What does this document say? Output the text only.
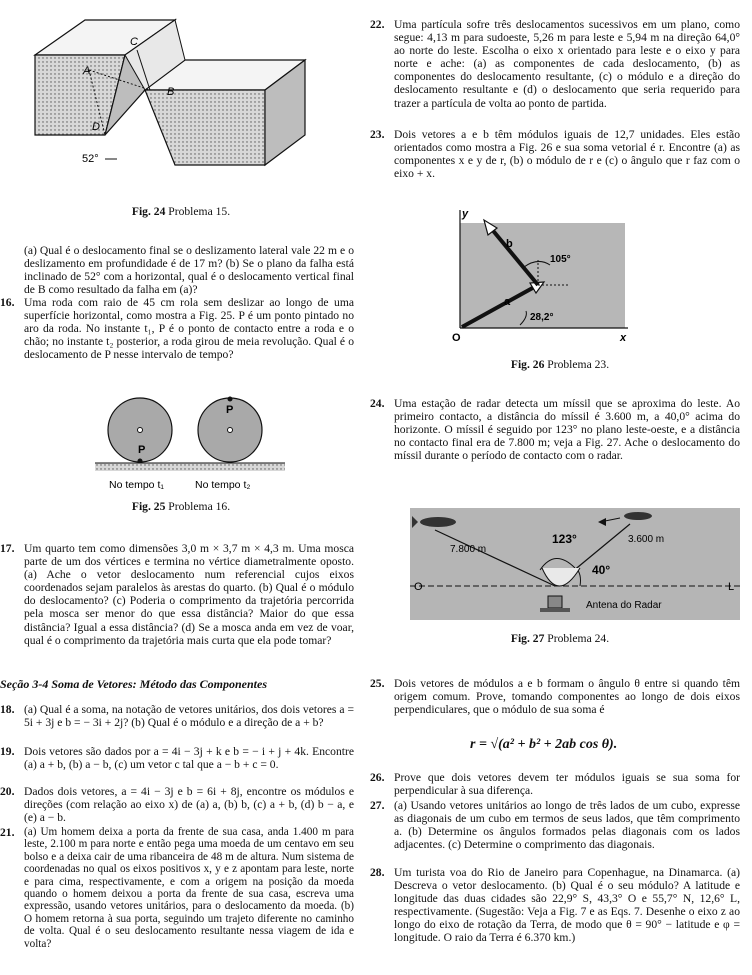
A
B
C
D
52°
Fig. 24 Problema 15.

(a) Qual é o deslocamento final se o deslizamento lateral vale 22 m e o deslizamento em profundidade é de 17 m? (b) Se o plano da falha está inclinado de 52° com a horizontal, qual é o deslocamento vertical final de B como resultado da falha em (a)?

16. Uma roda com raio de 45 cm rola sem deslizar ao longo de uma superfície horizontal, como mostra a Fig. 25. P é um ponto pintado no aro da roda. No instante t₁, P é o ponto de contacto entre a roda e o chão; no instante t₂ posterior, a roda girou de meia revolução. Qual é o deslocamento de P nesse intervalo de tempo?

P
P
No tempo t₁	No tempo t₂
Fig. 25 Problema 16.
17. Um quarto tem como dimensões 3,0 m × 3,7 m × 4,3 m. Uma mosca parte de um dos vértices e termina no vértice diametralmente oposto. (a) Ache o vetor deslocamento num referencial cujos eixos coordenados sejam paralelos às arestas do quarto. (b) Qual é o módulo do deslocamento? (c) Poderia o comprimento da trajetória percorrida pela mosca ser menor do que essa distância? Maior do que essa distância? Igual a essa distância? (d) Se a mosca anda em vez de voar, qual é o comprimento da trajetória mais curta que ela pode tomar?

Seção 3-4 Soma de Vetores: Método das Componentes
18. (a) Qual é a soma, na notação de vetores unitários, dos dois vetores a = 5i + 3j e b = − 3i + 2j? (b) Qual é o módulo e a direção de a + b?

19. Dois vetores são dados por a = 4i − 3j + k e b = − i + j + 4k. Encontre (a) a + b, (b) a − b, (c) um vetor c tal que a − b + c = 0.

20. Dados dois vetores, a = 4i − 3j e b = 6i + 8j, encontre os módulos e direções (com relação ao eixo x) de (a) a, (b) b, (c) a + b, (d) b − a, e (e) a − b.

21. (a) Um homem deixa a porta da frente de sua casa, anda 1.400 m para leste, 2.100 m para norte e então pega uma moeda de um centavo em seu bolso e a deixa cair de uma ribanceira de 48 m de altura. Num sistema de coordenadas no qual os eixos positivos x, y e z apontam para leste, norte e para cima, respectivamente, e com a origem na posição da moeda quando o homem deixou a porta da frente de sua casa, escreva uma expressão, usando vetores unitários, para o deslocamento da moeda. (b) O homem retorna à sua porta, seguindo um trajeto diferente no caminho de volta. Qual é o seu deslocamento resultante nessa viagem de ida e volta?

22. Uma partícula sofre três deslocamentos sucessivos em um plano, como segue: 4,13 m para sudoeste, 5,26 m para leste e 5,94 m na direção 64,0° ao norte do leste. Escolha o eixo x orientado para leste e o eixo y para norte e ache: (a) as componentes de cada deslocamento, (b) as componentes do deslocamento resultante, (c) o módulo e a direção do deslocamento resultante e (d) o deslocamento que seria requerido para trazer a partícula de volta ao ponto de partida.

23. Dois vetores a e b têm módulos iguais de 12,7 unidades. Eles estão orientados como mostra a Fig. 26 e sua soma vetorial é r. Encontre (a) as componentes x e y de r, (b) o módulo de r e (c) o ângulo que r faz com o eixo + x.

y
x
O
a
b
105°
28,2°
Fig. 26 Problema 23.
24. Uma estação de radar detecta um míssil que se aproxima do leste. Ao primeiro contacto, a distância do míssil é 3.600 m, a 40,0° acima do horizonte. O míssil é seguido por 123° no plano leste-oeste, e a distância no contacto final era de 7.800 m; veja a Fig. 27. Ache o deslocamento do míssil durante o período de contacto com o radar.

7.800 m
3.600 m
123°
40°
O	L
Antena do Radar
Fig. 27 Problema 24.
25. Dois vetores de módulos a e b formam o ângulo θ entre si quando têm origem comum. Prove, tomando componentes ao longo de dois eixos perpendiculares, que o módulo de sua soma é

r = √(a² + b² + 2ab cos θ).
26. Prove que dois vetores devem ter módulos iguais se sua soma for perpendicular à sua diferença.

27. (a) Usando vetores unitários ao longo de três lados de um cubo, expresse as diagonais de um cubo em termos de seus lados, que têm comprimento a. (b) Determine os ângulos formados pelas diagonais com os lados adjacentes. (c) Determine o comprimento das diagonais.

28. Um turista voa do Rio de Janeiro para Copenhague, na Dinamarca. (a) Descreva o vetor deslocamento. (b) Qual é o seu módulo? A latitude e longitude das duas cidades são 22,9° S, 43,3° O e 55,7° N, 12,6° L, respectivamente. (Sugestão: Veja a Fig. 7 e as Eqs. 7. Desenhe o eixo z ao longo do eixo de rotação da Terra, de modo que θ = 90° − latitude e φ = longitude. O raio da Terra é 6.370 km.)
